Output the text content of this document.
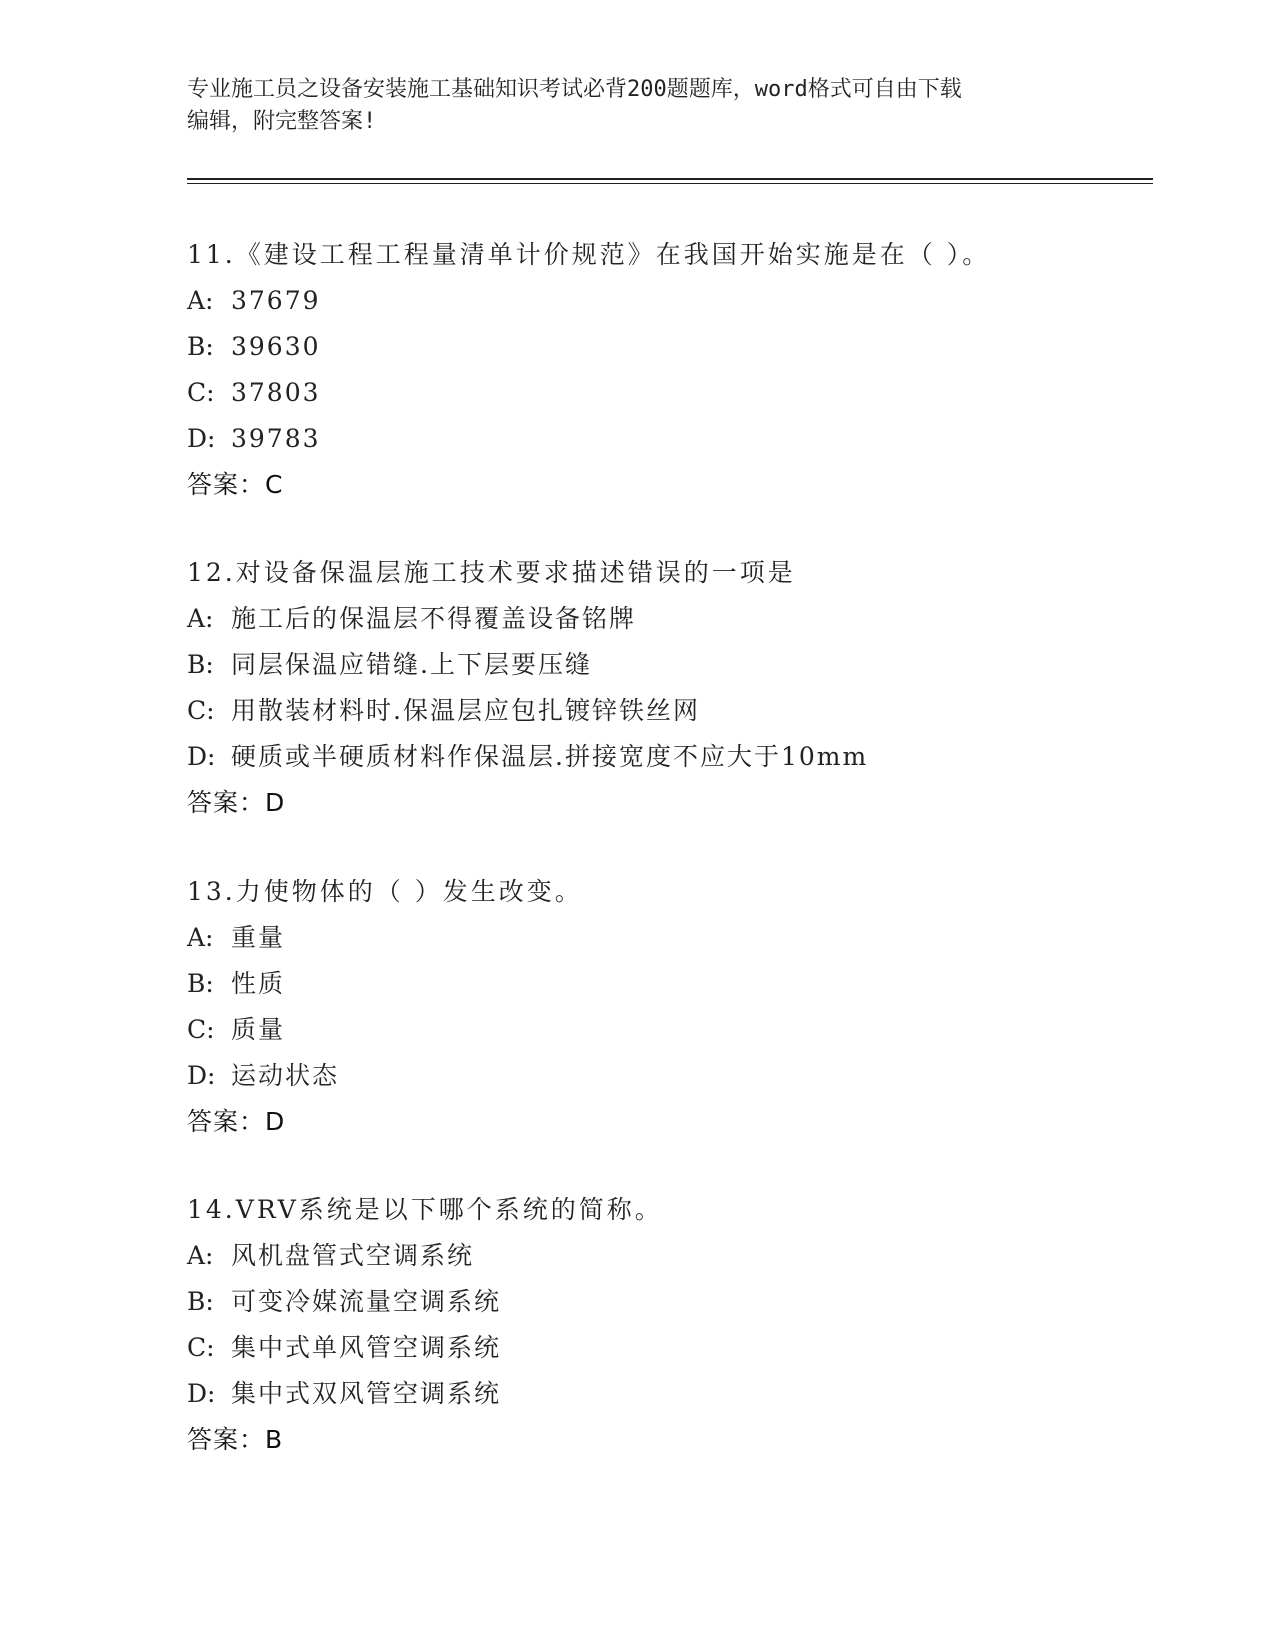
专业施工员之设备安装施工基础知识考试必背200题题库，word格式可自由下载
编辑，附完整答案!
11.《建设工程工程量清单计价规范》在我国开始实施是在（ ）。
A: 37679
B: 39630
C: 37803
D: 39783
答案：C
12.对设备保温层施工技术要求描述错误的一项是
A: 施工后的保温层不得覆盖设备铭牌
B: 同层保温应错缝.上下层要压缝
C: 用散装材料时.保温层应包扎镀锌铁丝网
D: 硬质或半硬质材料作保温层.拼接宽度不应大于10mm
答案：D
13.力使物体的（ ）发生改变。
A: 重量
B: 性质
C: 质量
D: 运动状态
答案：D
14.VRV系统是以下哪个系统的简称。
A: 风机盘管式空调系统
B: 可变冷媒流量空调系统
C: 集中式单风管空调系统
D: 集中式双风管空调系统
答案：B
